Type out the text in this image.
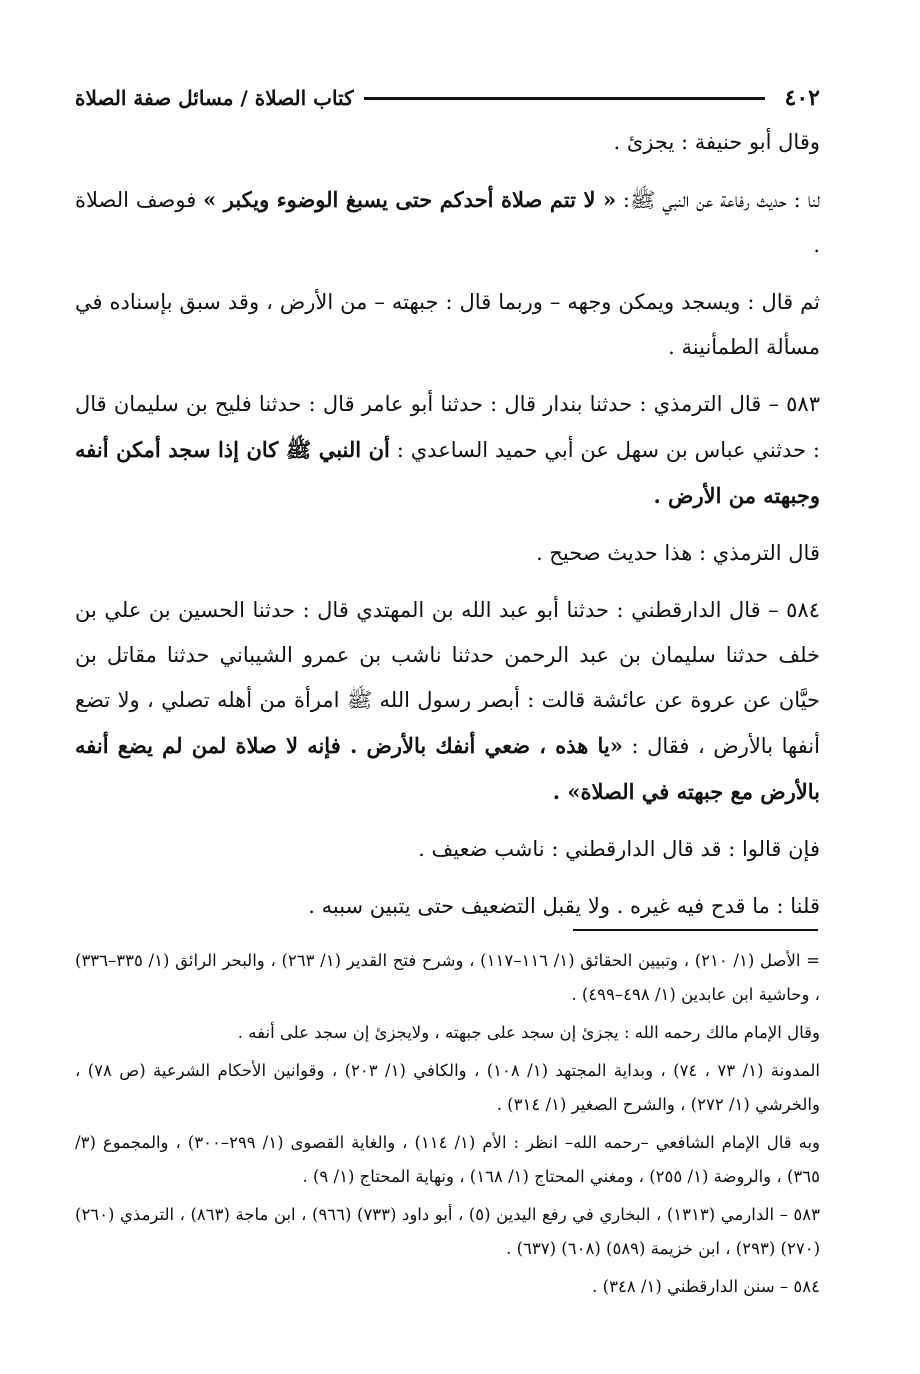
٤٠٢
كتاب الصلاة / مسائل صفة الصلاة

وقال أبو حنيفة : يجزئ .

لنا : حديث رفاعة عن النبي ﷺ: « لا تتم صلاة أحدكم حتى يسبغ الوضوء ويكبر » فوصف الصلاة .

ثم قال : ويسجد ويمكن وجهه – وربما قال : جبهته – من الأرض ، وقد سبق بإسناده في مسألة الطمأنينة .

٥٨٣ – قال الترمذي : حدثنا بندار قال : حدثنا أبو عامر قال : حدثنا فليح بن سليمان قال : حدثني عباس بن سهل عن أبي حميد الساعدي : أن النبي ﷺ كان إذا سجد أمكن أنفه وجبهته من الأرض .

قال الترمذي : هذا حديث صحيح .

٥٨٤ – قال الدارقطني : حدثنا أبو عبد الله بن المهتدي قال : حدثنا الحسين بن علي بن خلف حدثنا سليمان بن عبد الرحمن حدثنا ناشب بن عمرو الشيباني حدثنا مقاتل بن حيَّان عن عروة عن عائشة قالت : أبصر رسول الله ﷺ امرأة من أهله تصلي ، ولا تضع أنفها بالأرض ، فقال : «يا هذه ، ضعي أنفك بالأرض . فإنه لا صلاة لمن لم يضع أنفه بالأرض مع جبهته في الصلاة» .

فإن قالوا : قد قال الدارقطني : ناشب ضعيف .

قلنا : ما قدح فيه غيره . ولا يقبل التضعيف حتى يتبين سببه .

= الأصل (١/ ٢١٠) ، وتبيين الحقائق (١/ ١١٦–١١٧) ، وشرح فتح القدير (١/ ٢٦٣) ، والبحر الرائق (١/ ٣٣٥–٣٣٦) ، وحاشية ابن عابدين (١/ ٤٩٨–٤٩٩) .

وقال الإمام مالك رحمه الله : يجزئ إن سجد على جبهته ، ولايجزئ إن سجد على أنفه .

المدونة (١/ ٧٣ ، ٧٤) ، وبداية المجتهد (١/ ١٠٨) ، والكافي (١/ ٢٠٣) ، وقوانين الأحكام الشرعية (ص ٧٨) ، والخرشي (١/ ٢٧٢) ، والشرح الصغير (١/ ٣١٤) .

وبه قال الإمام الشافعي –رحمه الله– انظر : الأم (١/ ١١٤) ، والغاية القصوى (١/ ٢٩٩–٣٠٠) ، والمجموع (٣/ ٣٦٥) ، والروضة (١/ ٢٥٥) ، ومغني المحتاج (١/ ١٦٨) ، ونهاية المحتاج (١/ ٩) .

٥٨٣ – الدارمي (١٣١٣) ، البخاري في رفع اليدين (٥) ، أبو داود (٧٣٣) (٩٦٦) ، ابن ماجة (٨٦٣) ، الترمذي (٢٦٠) (٢٧٠) (٢٩٣) ، ابن خزيمة (٥٨٩) (٦٠٨) (٦٣٧) .

٥٨٤ – سنن الدارقطني (١/ ٣٤٨) .
